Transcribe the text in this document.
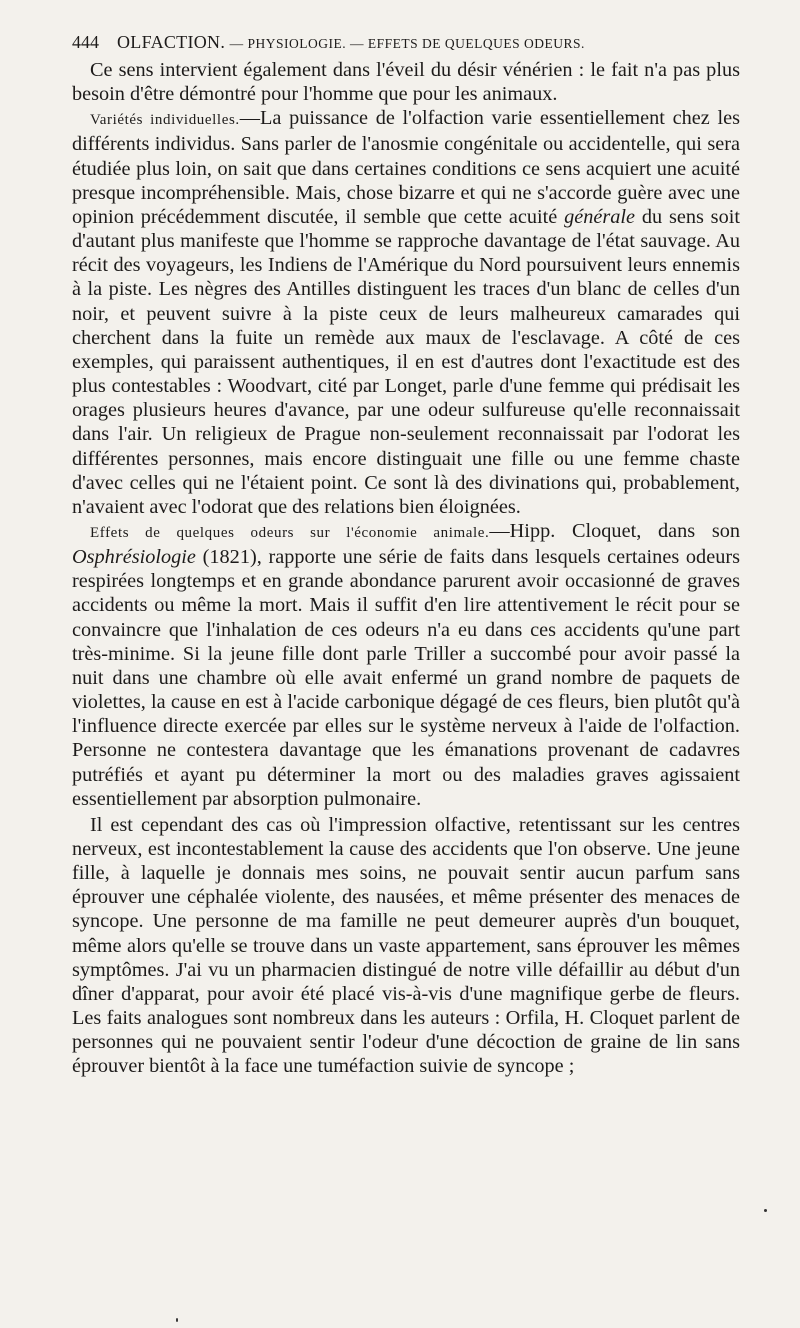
444 OLFACTION. — PHYSIOLOGIE. — EFFETS DE QUELQUES ODEURS.

Ce sens intervient également dans l'éveil du désir vénérien : le fait n'a pas plus besoin d'être démontré pour l'homme que pour les animaux.

Variétés individuelles.—La puissance de l'olfaction varie essentiellement chez les différents individus. Sans parler de l'anosmie congénitale ou accidentelle, qui sera étudiée plus loin, on sait que dans certaines conditions ce sens acquiert une acuité presque incompréhensible. Mais, chose bizarre et qui ne s'accorde guère avec une opinion précédemment discutée, il semble que cette acuité générale du sens soit d'autant plus manifeste que l'homme se rapproche davantage de l'état sauvage. Au récit des voyageurs, les Indiens de l'Amérique du Nord poursuivent leurs ennemis à la piste. Les nègres des Antilles distinguent les traces d'un blanc de celles d'un noir, et peuvent suivre à la piste ceux de leurs malheureux camarades qui cherchent dans la fuite un remède aux maux de l'esclavage. A côté de ces exemples, qui paraissent authentiques, il en est d'autres dont l'exactitude est des plus contestables : Woodvart, cité par Longet, parle d'une femme qui prédisait les orages plusieurs heures d'avance, par une odeur sulfureuse qu'elle reconnaissait dans l'air. Un religieux de Prague non-seulement reconnaissait par l'odorat les différentes personnes, mais encore distinguait une fille ou une femme chaste d'avec celles qui ne l'étaient point. Ce sont là des divinations qui, probablement, n'avaient avec l'odorat que des relations bien éloignées.

Effets de quelques odeurs sur l'économie animale.—Hipp. Cloquet, dans son Osphrésiologie (1821), rapporte une série de faits dans lesquels certaines odeurs respirées longtemps et en grande abondance parurent avoir occasionné de graves accidents ou même la mort. Mais il suffit d'en lire attentivement le récit pour se convaincre que l'inhalation de ces odeurs n'a eu dans ces accidents qu'une part très-minime. Si la jeune fille dont parle Triller a succombé pour avoir passé la nuit dans une chambre où elle avait enfermé un grand nombre de paquets de violettes, la cause en est à l'acide carbonique dégagé de ces fleurs, bien plutôt qu'à l'influence directe exercée par elles sur le système nerveux à l'aide de l'olfaction. Personne ne contestera davantage que les émanations provenant de cadavres putréfiés et ayant pu déterminer la mort ou des maladies graves agissaient essentiellement par absorption pulmonaire.

Il est cependant des cas où l'impression olfactive, retentissant sur les centres nerveux, est incontestablement la cause des accidents que l'on observe. Une jeune fille, à laquelle je donnais mes soins, ne pouvait sentir aucun parfum sans éprouver une céphalée violente, des nausées, et même présenter des menaces de syncope. Une personne de ma famille ne peut demeurer auprès d'un bouquet, même alors qu'elle se trouve dans un vaste appartement, sans éprouver les mêmes symptômes. J'ai vu un pharmacien distingué de notre ville défaillir au début d'un dîner d'apparat, pour avoir été placé vis-à-vis d'une magnifique gerbe de fleurs. Les faits analogues sont nombreux dans les auteurs : Orfila, H. Cloquet parlent de personnes qui ne pouvaient sentir l'odeur d'une décoction de graine de lin sans éprouver bientôt à la face une tuméfaction suivie de syncope ;
